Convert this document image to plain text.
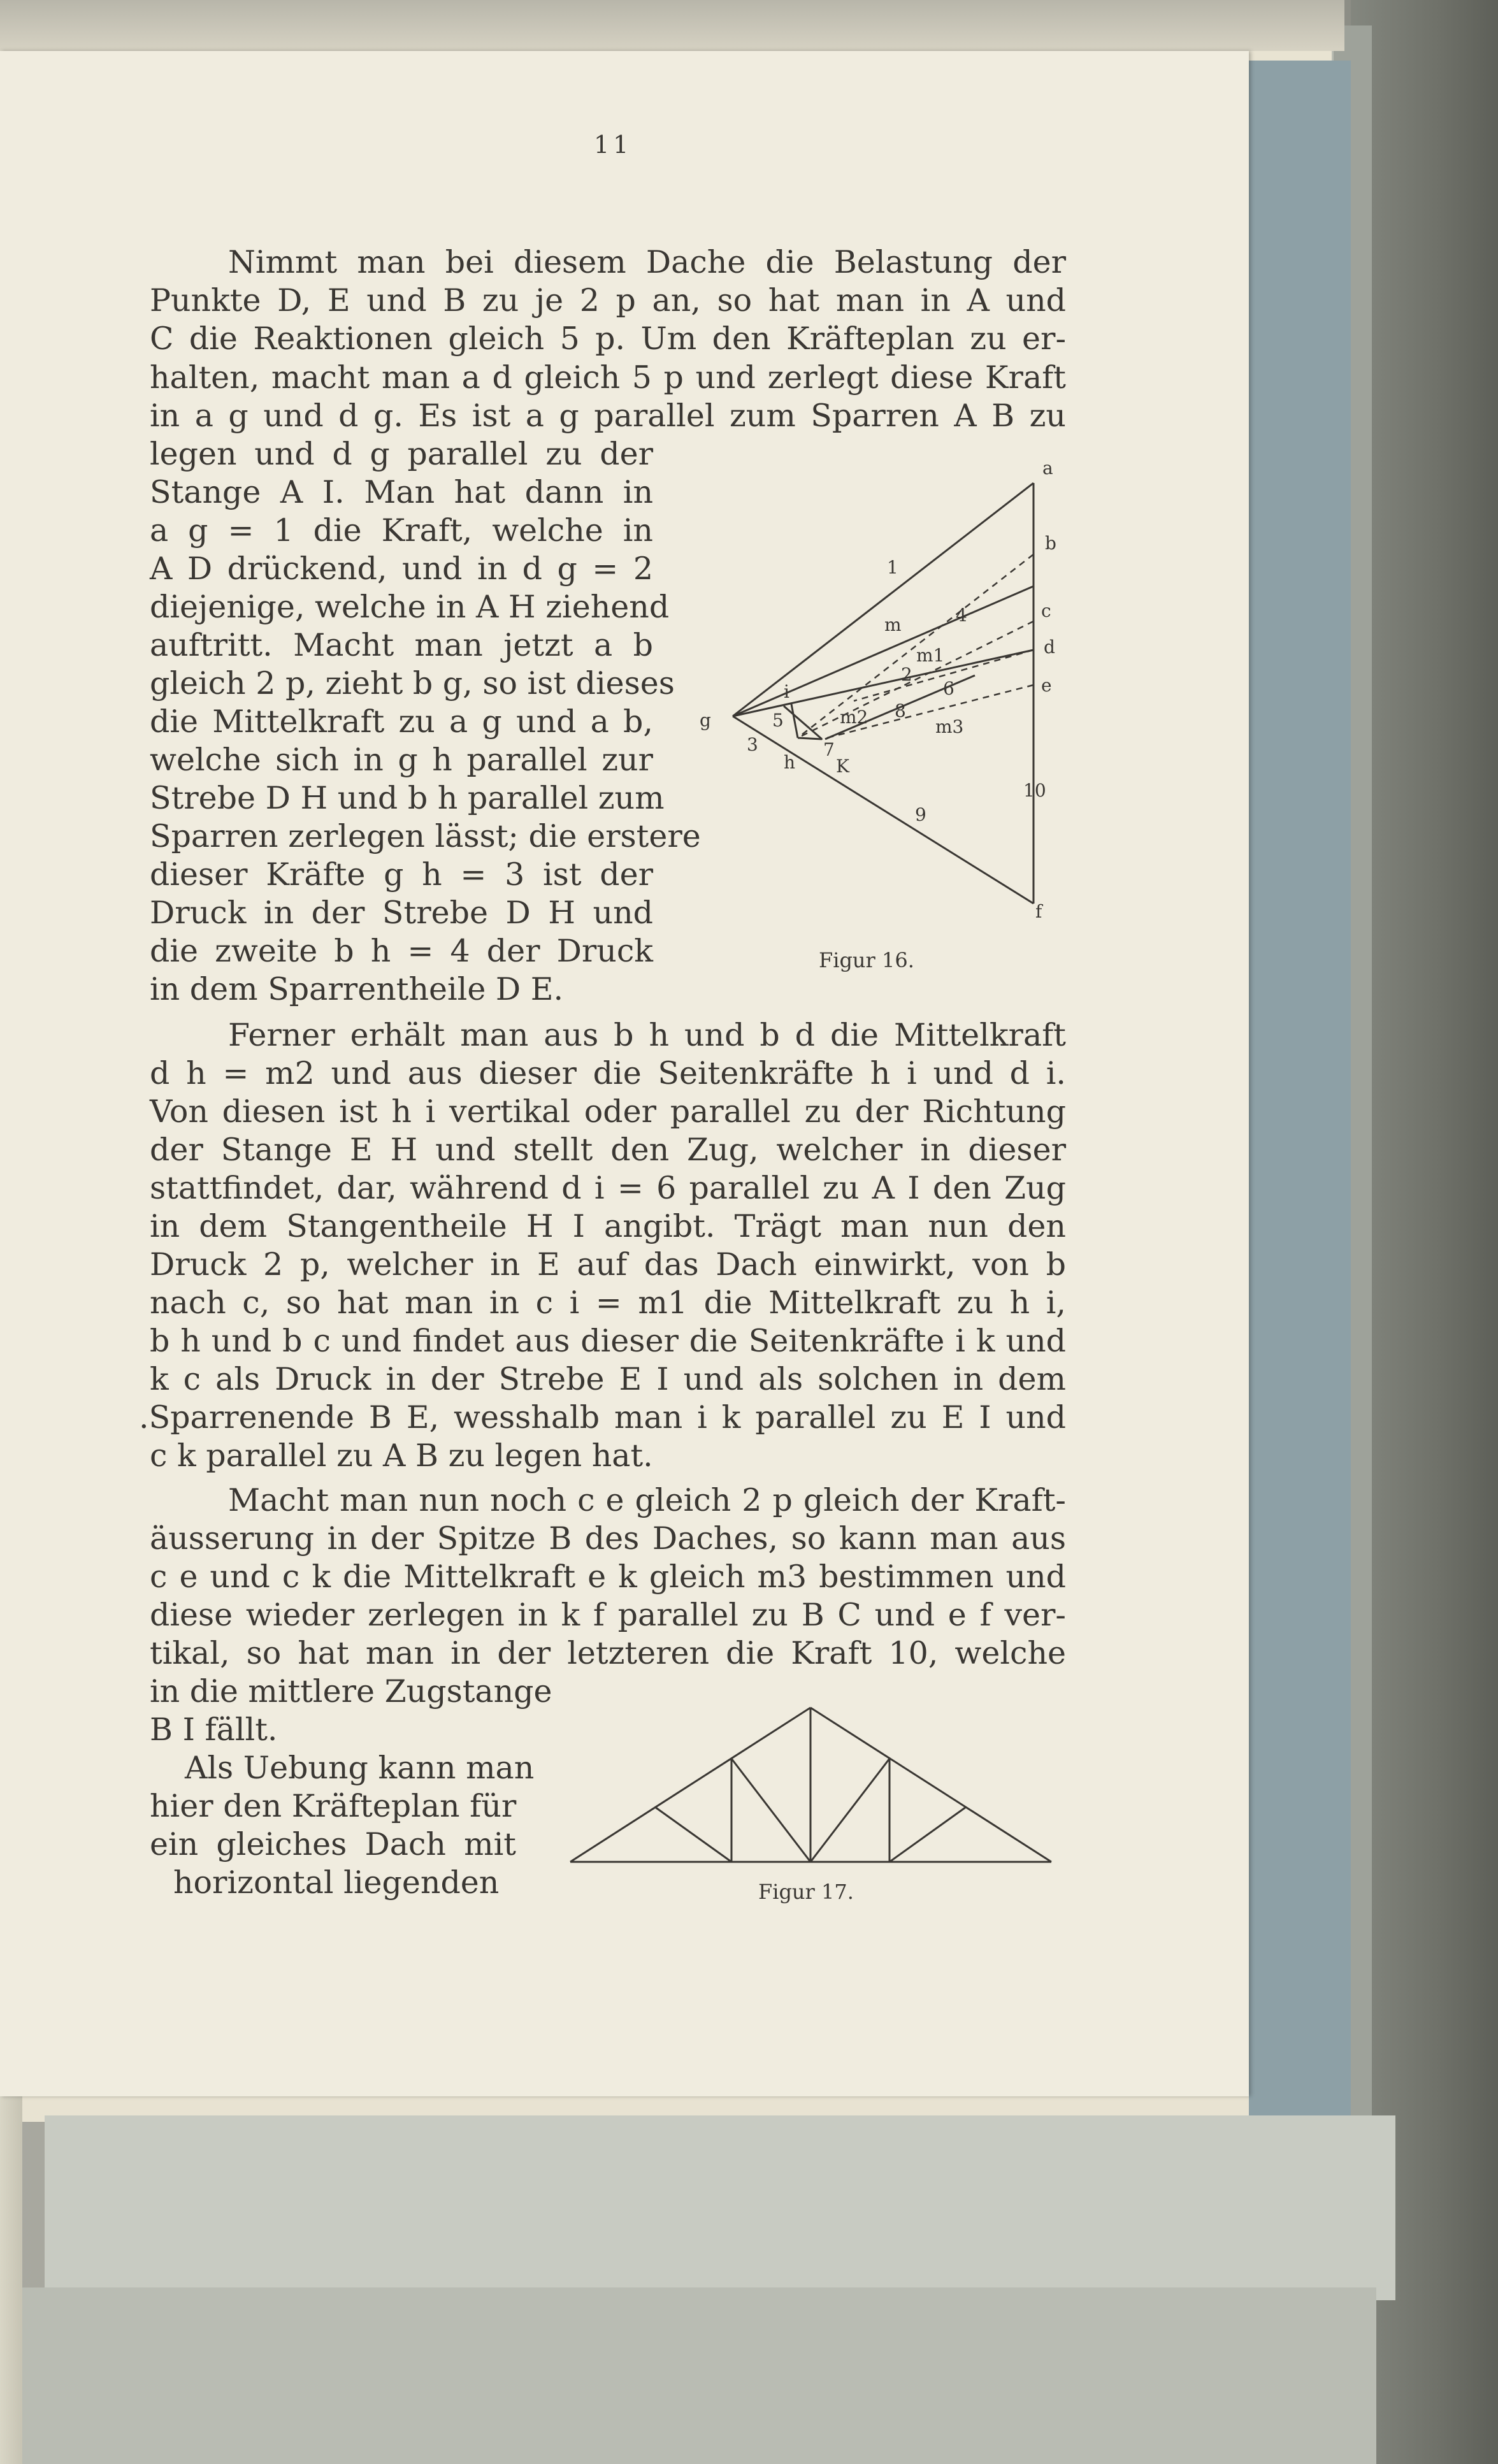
11
Nimmt man bei diesem Dache die Belastung der
Punkte D, E und B zu je 2 p an, so hat man in A und
C die Reaktionen gleich 5 p. Um den Kräfteplan zu er-
halten, macht man a d gleich 5 p und zerlegt diese Kraft
in a g und d g. Es ist a g parallel zum Sparren A B zu
legen und d g parallel zu der
Stange A I. Man hat dann in
a g = 1 die Kraft, welche in
A D drückend, und in d g = 2
diejenige, welche in A H ziehend
auftritt. Macht man jetzt a b
gleich 2 p, zieht b g, so ist dieses
die Mittelkraft zu a g und a b,
welche sich in g h parallel zur
Strebe D H und b h parallel zum
Sparren zerlegen lässt; die erstere
dieser Kräfte g h = 3 ist der
Druck in der Strebe D H und
die zweite b h = 4 der Druck
in dem Sparrentheile D E.
Ferner erhält man aus b h und b d die Mittelkraft
d h = m2 und aus dieser die Seitenkräfte h i und d i.
Von diesen ist h i vertikal oder parallel zu der Richtung
der Stange E H und stellt den Zug, welcher in dieser
stattfindet, dar, während d i = 6 parallel zu A I den Zug
in dem Stangentheile H I angibt. Trägt man nun den
Druck 2 p, welcher in E auf das Dach einwirkt, von b
nach c, so hat man in c i = m1 die Mittelkraft zu h i,
b h und b c und findet aus dieser die Seitenkräfte i k und
k c als Druck in der Strebe E I und als solchen in dem
.Sparrenende B E, wesshalb man i k parallel zu E I und
c k parallel zu A B zu legen hat.
Macht man nun noch c e gleich 2 p gleich der Kraft-
äusserung in der Spitze B des Daches, so kann man aus
c e und c k die Mittelkraft e k gleich m3 bestimmen und
diese wieder zerlegen in k f parallel zu B C und e f ver-
tikal, so hat man in der letzteren die Kraft 10, welche
in die mittlere Zugstange
B I fällt.
Als Uebung kann man
hier den Kräfteplan für
ein gleiches Dach mit
horizontal liegenden
a
b
c
d
e
f
g
h
i
K
m
m1
m2	m3
1
2
3
4
5
6
7
8
9
10
Figur 16.
Figur 17.
